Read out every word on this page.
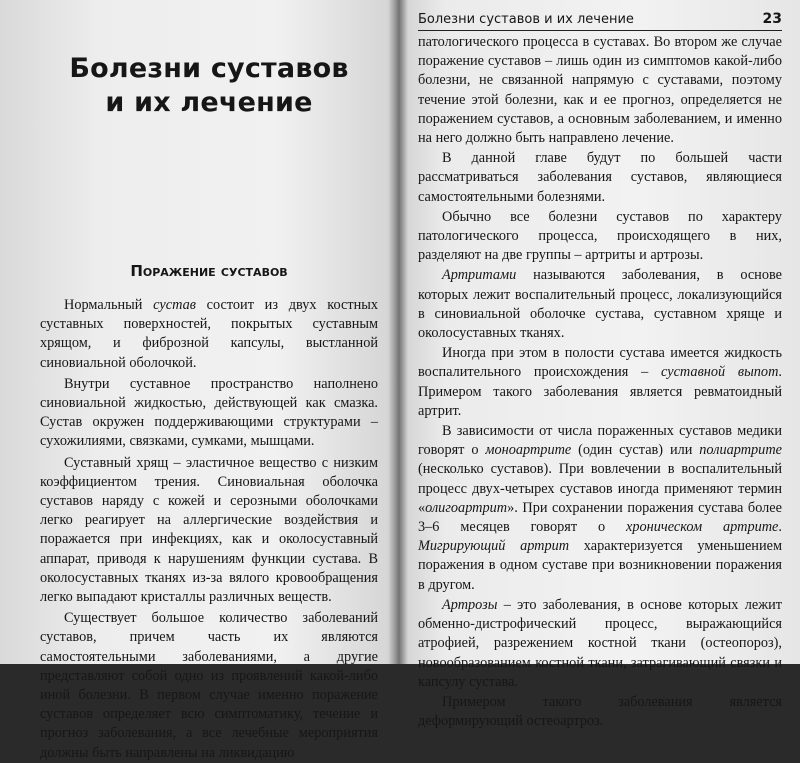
Болезни суставов
и их лечение
Поражение суставов

Нормальный сустав состоит из двух костных суставных поверхностей, покрытых суставным хрящом, и фиброзной капсулы, выстланной синовиальной оболочкой.

Внутри суставное пространство наполнено синовиальной жидкостью, действующей как смазка. Сустав окружен поддерживающими структурами – сухожилиями, связками, сумками, мышцами.

Суставный хрящ – эластичное вещество с низким коэффициентом трения. Синовиальная оболочка суставов наряду с кожей и серозными оболочками легко реагирует на аллергические воздействия и поражается при инфекциях, как и околосуставный аппарат, приводя к нарушениям функции сустава. В околосуставных тканях из-за вялого кровообращения легко выпадают кристаллы различных веществ.

Существует большое количество заболеваний суставов, причем часть их являются самостоятельными заболеваниями, а другие представляют собой одно из проявлений какой-либо иной болезни. В первом случае именно поражение суставов определяет всю симптоматику, течение и прогноз заболевания, а все лечебные мероприятия должны быть направлены на ликвидацию

Болезни суставов и их лечение	23

патологического процесса в суставах. Во втором же случае поражение суставов – лишь один из симптомов какой-либо болезни, не связанной напрямую с суставами, поэтому течение этой болезни, как и ее прогноз, определяется не поражением суставов, а основным заболеванием, и именно на него должно быть направлено лечение.

В данной главе будут по большей части рассматриваться заболевания суставов, являющиеся самостоятельными болезнями.

Обычно все болезни суставов по характеру патологического процесса, происходящего в них, разделяют на две группы – артриты и артрозы.

Артритами называются заболевания, в основе которых лежит воспалительный процесс, локализующийся в синовиальной оболочке сустава, суставном хряще и околосуставных тканях.

Иногда при этом в полости сустава имеется жидкость воспалительного происхождения – суставной выпот. Примером такого заболевания является ревматоидный артрит.

В зависимости от числа пораженных суставов медики говорят о моноартрите (один сустав) или полиартрите (несколько суставов). При вовлечении в воспалительный процесс двух-четырех суставов иногда применяют термин «олигоартрит». При сохранении поражения сустава более 3–6 месяцев говорят о хроническом артрите. Мигрирующий артрит характеризуется уменьшением поражения в одном суставе при возникновении поражения в другом.

Артрозы – это заболевания, в основе которых лежит обменно-дистрофический процесс, выражающийся атрофией, разрежением костной ткани (остеопороз), новообразованием костной ткани, затрагивающий связки и капсулу сустава.

Примером такого заболевания является деформирующий остеоартроз.
